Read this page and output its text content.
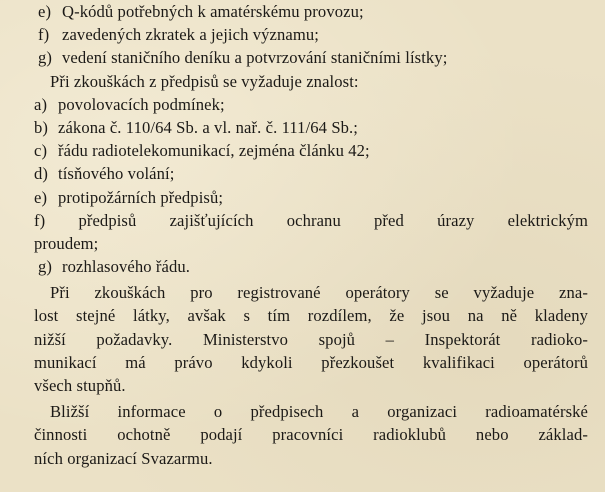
e) Q-kódů potřebných k amatérskému provozu;
f) zavedených zkratek a jejich významu;
g) vedení staničního deníku a potvrzování staničními lístky;
Při zkouškách z předpisů se vyžaduje znalost:
a) povolovacích podmínek;
b) zákona č. 110/64 Sb. a vl. nař. č. 111/64 Sb.;
c) řádu radiotelekomunikací, zejména článku 42;
d) tísňového volání;
e) protipožárních předpisů;
f) předpisů zajišťujících ochranu před úrazy elektrickým
proudem;
g) rozhlasového řádu.
Při zkouškách pro registrované operátory se vyžaduje zna-
lost stejné látky, avšak s tím rozdílem, že jsou na ně kladeny
nižší požadavky. Ministerstvo spojů – Inspektorát radioko-
munikací má právo kdykoli přezkoušet kvalifikaci operátorů
všech stupňů.
Bližší informace o předpisech a organizaci radioamatérské
činnosti ochotně podají pracovníci radioklubů nebo základ-
ních organizací Svazarmu.
